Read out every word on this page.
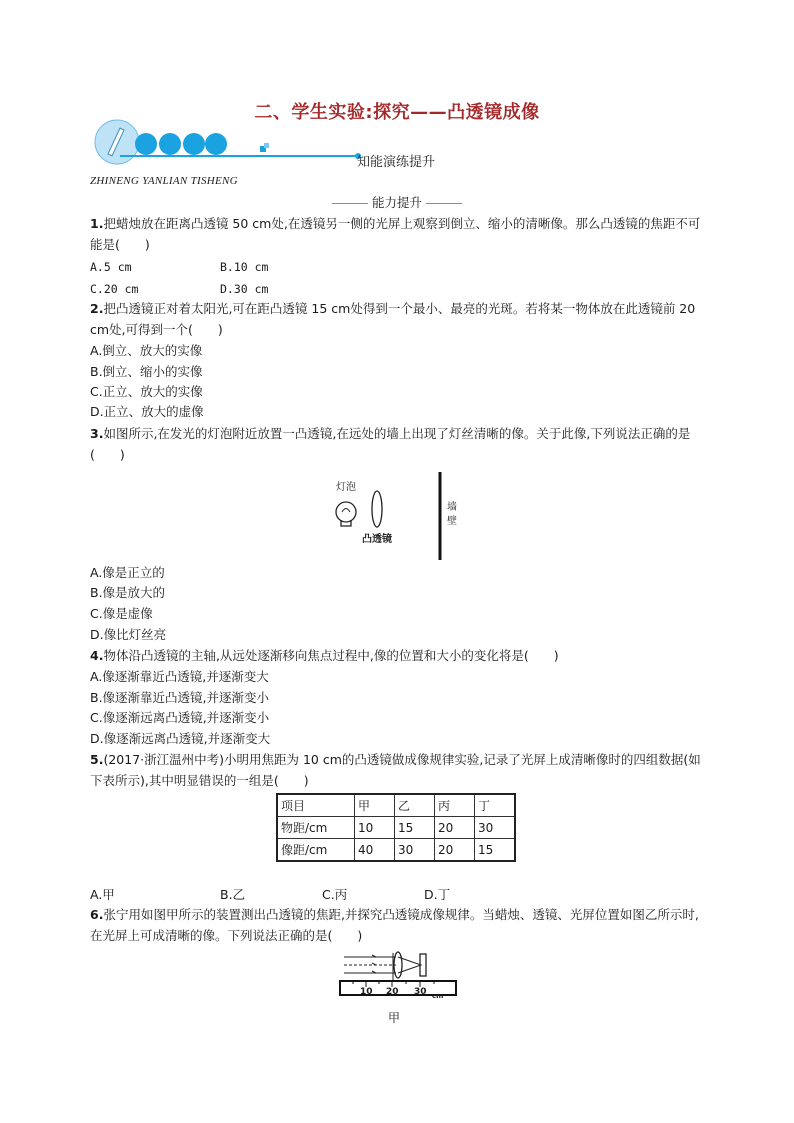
二、学生实验:探究——凸透镜成像
知能演练提升
ZHINENG YANLIAN TISHENG
能力提升
1.把蜡烛放在距离凸透镜 50 cm处,在透镜另一侧的光屏上观察到倒立、缩小的清晰像。那么凸透镜的焦距不可能是(　　)
A.5 cm	B.10 cm
C.20 cm	D.30 cm
2.把凸透镜正对着太阳光,可在距凸透镜 15 cm处得到一个最小、最亮的光斑。若将某一物体放在此透镜前 20 cm处,可得到一个(　　)
A.倒立、放大的实像
B.倒立、缩小的实像
C.正立、放大的实像
D.正立、放大的虚像
3.如图所示,在发光的灯泡附近放置一凸透镜,在远处的墙上出现了灯丝清晰的像。关于此像,下列说法正确的是(　　)
灯泡
凸透镜
墙
壁
A.像是正立的
B.像是放大的
C.像是虚像
D.像比灯丝亮
4.物体沿凸透镜的主轴,从远处逐渐移向焦点过程中,像的位置和大小的变化将是(　　)
A.像逐渐靠近凸透镜,并逐渐变大
B.像逐渐靠近凸透镜,并逐渐变小
C.像逐渐远离凸透镜,并逐渐变小
D.像逐渐远离凸透镜,并逐渐变大
5.(2017·浙江温州中考)小明用焦距为 10 cm的凸透镜做成像规律实验,记录了光屏上成清晰像时的四组数据(如下表所示),其中明显错误的一组是(　　)
项目	甲	乙	丙	丁
物距/cm	10	15	20	30
像距/cm	40	30	20	15
A.甲	B.乙	C.丙	D.丁
6.张宁用如图甲所示的装置测出凸透镜的焦距,并探究凸透镜成像规律。当蜡烛、透镜、光屏位置如图乙所示时,在光屏上可成清晰的像。下列说法正确的是(　　)
10 20 30 cm
甲
